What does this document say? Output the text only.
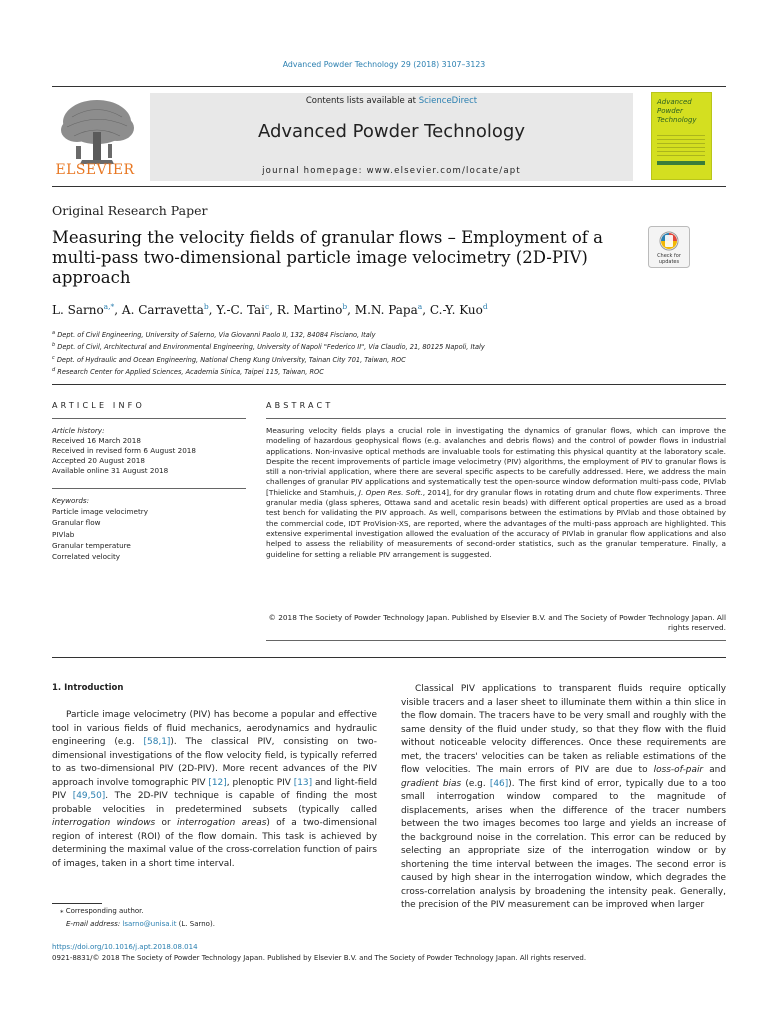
Advanced Powder Technology 29 (2018) 3107–3123
ELSEVIER
Contents lists available at ScienceDirect
Advanced Powder Technology
journal homepage: www.elsevier.com/locate/apt
Advanced
Powder
Technology
Original Research Paper
Measuring the velocity fields of granular flows – Employment of a multi-pass two-dimensional particle image velocimetry (2D-PIV) approach
Check for
updates
L. Sarno$^{a,*}$, A. Carravetta$^b$, Y.-C. Tai$^c$, R. Martino$^b$, M.N. Papa$^a$, C.-Y. Kuo$^d$
$^a$ Dept. of Civil Engineering, University of Salerno, Via Giovanni Paolo II, 132, 84084 Fisciano, Italy
$^b$ Dept. of Civil, Architectural and Environmental Engineering, University of Napoli "Federico II", Via Claudio, 21, 80125 Napoli, Italy
$^c$ Dept. of Hydraulic and Ocean Engineering, National Cheng Kung University, Tainan City 701, Taiwan, ROC
$^d$ Research Center for Applied Sciences, Academia Sinica, Taipei 115, Taiwan, ROC
ARTICLE INFO	ABSTRACT
Article history:
Received 16 March 2018
Received in revised form 6 August 2018
Accepted 20 August 2018
Available online 31 August 2018
Keywords:
Particle image velocimetry
Granular flow
PIVlab
Granular temperature
Correlated velocity
Measuring velocity fields plays a crucial role in investigating the dynamics of granular flows, which can improve the modeling of hazardous geophysical flows (e.g. avalanches and debris flows) and the control of powder flows in industrial applications. Non-invasive optical methods are invaluable tools for estimating this physical quantity at the laboratory scale. Despite the recent improvements of particle image velocimetry (PIV) algorithms, the employment of PIV to granular flows is still a non-trivial application, where there are several specific aspects to be carefully addressed. Here, we address the main challenges of granular PIV applications and systematically test the open-source window deformation multi-pass code, PIVlab [Thielicke and Stamhuis, J. Open Res. Soft., 2014], for dry granular flows in rotating drum and chute flow experiments. Three granular media (glass spheres, Ottawa sand and acetalic resin beads) with different optical properties are used as a broad test bench for validating the PIV approach. As well, comparisons between the estimations by PIVlab and those obtained by the commercial code, IDT ProVision-XS, are reported, where the advantages of the multi-pass approach are highlighted. This extensive experimental investigation allowed the evaluation of the accuracy of PIVlab in granular flow applications and also helped to assess the reliability of measurements of second-order statistics, such as the granular temperature. Finally, a guideline for setting a reliable PIV arrangement is suggested.
© 2018 The Society of Powder Technology Japan. Published by Elsevier B.V. and The Society of Powder Technology Japan. All rights reserved.
1. Introduction
Particle image velocimetry (PIV) has become a popular and effective tool in various fields of fluid mechanics, aerodynamics and hydraulic engineering (e.g. [58,1]). The classical PIV, consisting on two-dimensional investigations of the flow velocity field, is typically referred to as two-dimensional PIV (2D-PIV). More recent advances of the PIV approach involve tomographic PIV [12], plenoptic PIV [13] and light-field PIV [49,50]. The 2D-PIV technique is capable of finding the most probable velocities in predetermined subsets (typically called interrogation windows or interrogation areas) of a two-dimensional region of interest (ROI) of the flow domain. This task is achieved by determining the maximal value of the cross-correlation function of pairs of images, taken in a short time interval.
Classical PIV applications to transparent fluids require optically visible tracers and a laser sheet to illuminate them within a thin slice in the flow domain. The tracers have to be very small and roughly with the same density of the fluid under study, so that they flow with the fluid without noticeable velocity differences. Once these requirements are met, the tracers' velocities can be taken as reliable estimations of the flow velocities. The main errors of PIV are due to loss-of-pair and gradient bias (e.g. [46]). The first kind of error, typically due to a too small interrogation window compared to the magnitude of displacements, arises when the difference of the tracer numbers between the two images becomes too large and yields an increase of the background noise in the correlation. This error can be reduced by selecting an appropriate size of the interrogation window or by shortening the time interval between the images. The second error is caused by high shear in the interrogation window, which degrades the cross-correlation analysis by broadening the intensity peak. Generally, the precision of the PIV measurement can be improved when larger
⁎ Corresponding author.
E-mail address: lsarno@unisa.it (L. Sarno).
https://doi.org/10.1016/j.apt.2018.08.014
0921-8831/© 2018 The Society of Powder Technology Japan. Published by Elsevier B.V. and The Society of Powder Technology Japan. All rights reserved.
